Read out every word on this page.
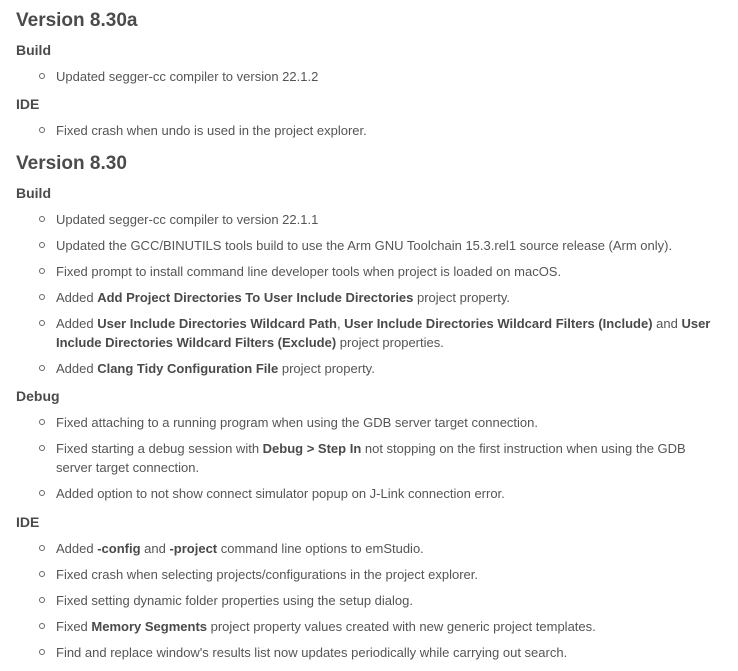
Version 8.30a
Build
Updated segger-cc compiler to version 22.1.2
IDE
Fixed crash when undo is used in the project explorer.
Version 8.30
Build
Updated segger-cc compiler to version 22.1.1
Updated the GCC/BINUTILS tools build to use the Arm GNU Toolchain 15.3.rel1 source release (Arm only).
Fixed prompt to install command line developer tools when project is loaded on macOS.
Added Add Project Directories To User Include Directories project property.
Added User Include Directories Wildcard Path, User Include Directories Wildcard Filters (Include) and User Include Directories Wildcard Filters (Exclude) project properties.
Added Clang Tidy Configuration File project property.
Debug
Fixed attaching to a running program when using the GDB server target connection.
Fixed starting a debug session with Debug > Step In not stopping on the first instruction when using the GDB server target connection.
Added option to not show connect simulator popup on J-Link connection error.
IDE
Added -config and -project command line options to emStudio.
Fixed crash when selecting projects/configurations in the project explorer.
Fixed setting dynamic folder properties using the setup dialog.
Fixed Memory Segments project property values created with new generic project templates.
Find and replace window's results list now updates periodically while carrying out search.
